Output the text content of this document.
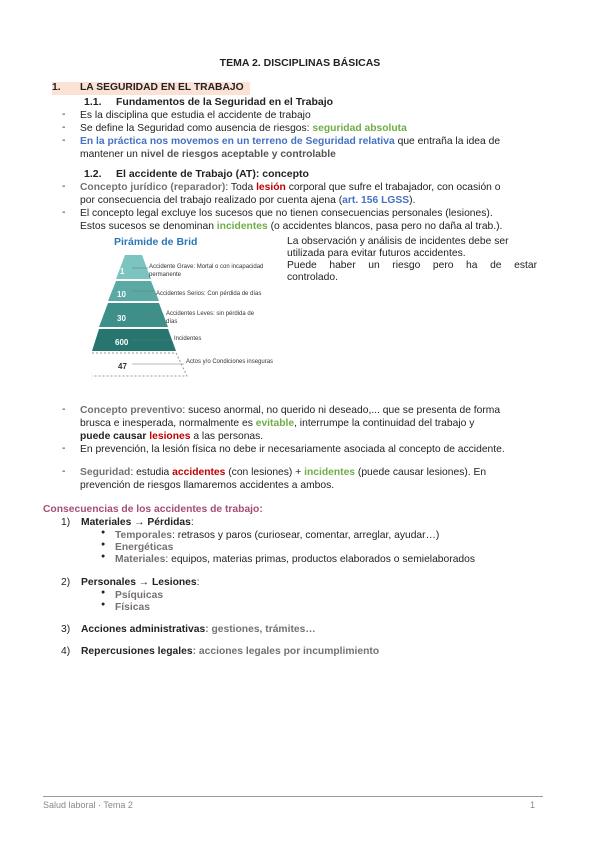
TEMA 2. DISCIPLINAS BÁSICAS
1. LA SEGURIDAD EN EL TRABAJO
1.1. Fundamentos de la Seguridad en el Trabajo
- Es la disciplina que estudia el accidente de trabajo
- Se define la Seguridad como ausencia de riesgos: seguridad absoluta
- En la práctica nos movemos en un terreno de Seguridad relativa que entraña la idea de
mantener un nivel de riesgos aceptable y controlable
1.2. El accidente de Trabajo (AT): concepto
- Concepto jurídico (reparador): Toda lesión corporal que sufre el trabajador, con ocasión o
por consecuencia del trabajo realizado por cuenta ajena (art. 156 LGSS).
- El concepto legal excluye los sucesos que no tienen consecuencias personales (lesiones).
Estos sucesos se denominan incidentes (o accidentes blancos, pasa pero no daña al trab.).
Pirámide de Brid
1
10
30
600
47
Accidente Grave: Mortal o con incapacidad permanente
Accidentes Serios: Con pérdida de días
Accidentes Leves: sin pérdida de días
Incidentes
Actos y/o Condiciones inseguras
La observación y análisis de incidentes debe ser
utilizada para evitar futuros accidentes.
Puede haber un riesgo pero ha de estar
controlado.
- Concepto preventivo: suceso anormal, no querido ni deseado,... que se presenta de forma
brusca e inesperada, normalmente es evitable, interrumpe la continuidad del trabajo y
puede causar lesiones a las personas.
- En prevención, la lesión física no debe ir necesariamente asociada al concepto de accidente.
- Seguridad: estudia accidentes (con lesiones) + incidentes (puede causar lesiones). En
prevención de riesgos llamaremos accidentes a ambos.
Consecuencias de los accidentes de trabajo:
1) Materiales → Pérdidas:
● Temporales: retrasos y paros (curiosear, comentar, arreglar, ayudar…)
● Energéticas
● Materiales: equipos, materias primas, productos elaborados o semielaborados
2) Personales → Lesiones:
● Psíquicas
● Físicas
3) Acciones administrativas: gestiones, trámites…
4) Repercusiones legales: acciones legales por incumplimiento
Salud laboral · Tema 2	1
